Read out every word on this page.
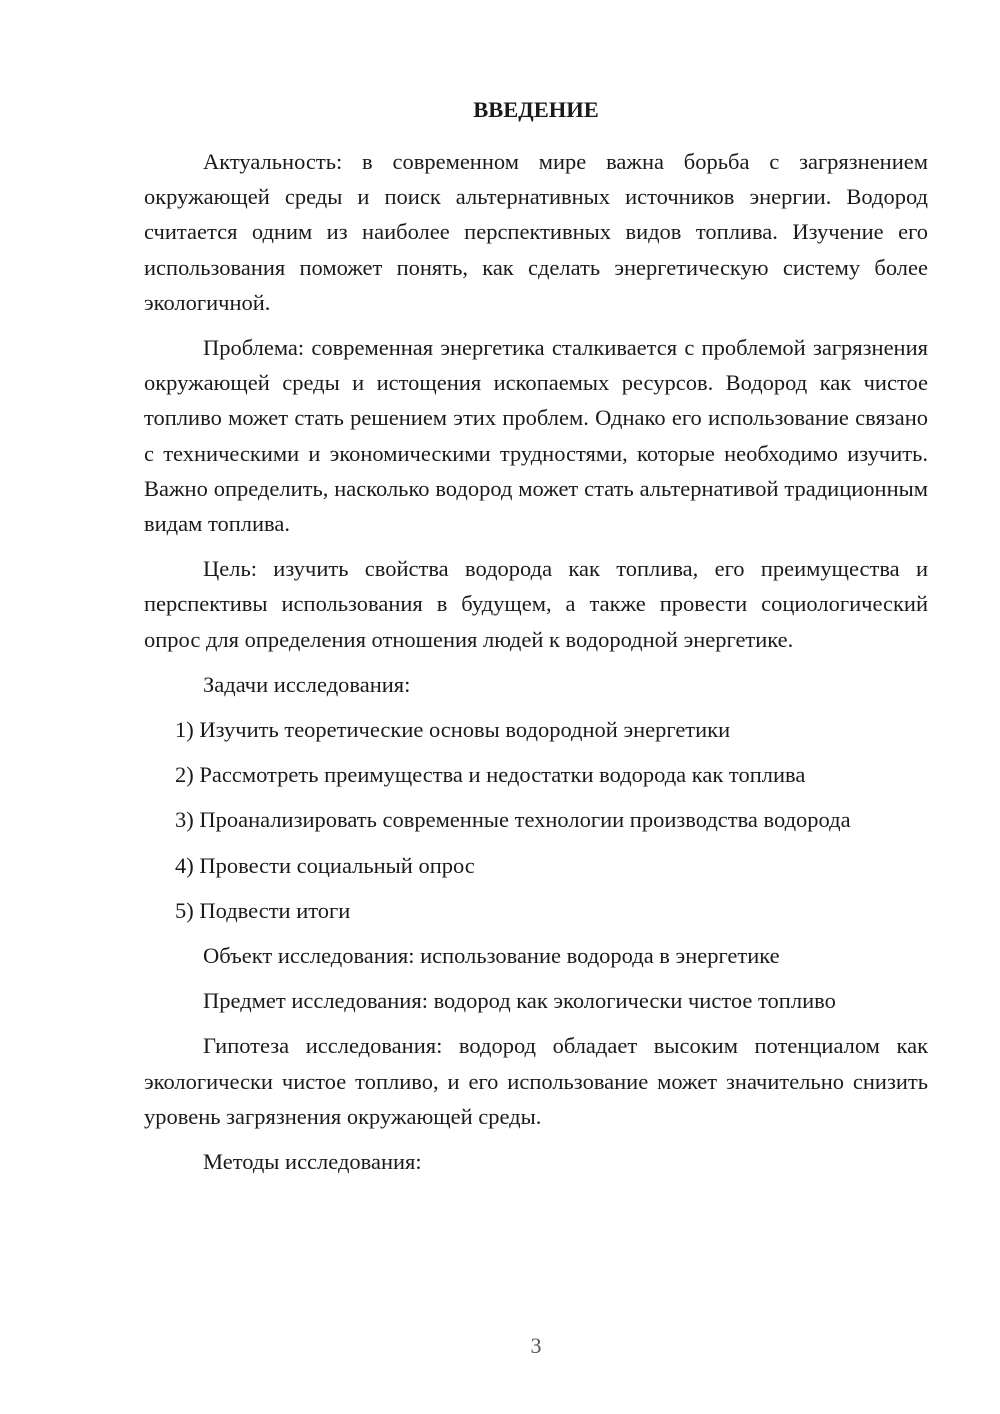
ВВЕДЕНИЕ

Актуальность: в современном мире важна борьба с загрязнением окружающей среды и поиск альтернативных источников энергии. Водород считается одним из наиболее перспективных видов топлива. Изучение его использования поможет понять, как сделать энергетическую систему более экологичной.

Проблема: современная энергетика сталкивается с проблемой загрязнения окружающей среды и истощения ископаемых ресурсов. Водород как чистое топливо может стать решением этих проблем. Однако его использование связано с техническими и экономическими трудностями, которые необходимо изучить. Важно определить, насколько водород может стать альтернативой традиционным видам топлива.

Цель: изучить свойства водорода как топлива, его преимущества и перспективы использования в будущем, а также провести социологический опрос для определения отношения людей к водородной энергетике.

Задачи исследования:

1) Изучить теоретические основы водородной энергетики

2) Рассмотреть преимущества и недостатки водорода как топлива

3) Проанализировать современные технологии производства водорода

4) Провести социальный опрос

5) Подвести итоги

Объект исследования: использование водорода в энергетике

Предмет исследования: водород как экологически чистое топливо

Гипотеза исследования: водород обладает высоким потенциалом как экологически чистое топливо, и его использование может значительно снизить уровень загрязнения окружающей среды.

Методы исследования:

3
